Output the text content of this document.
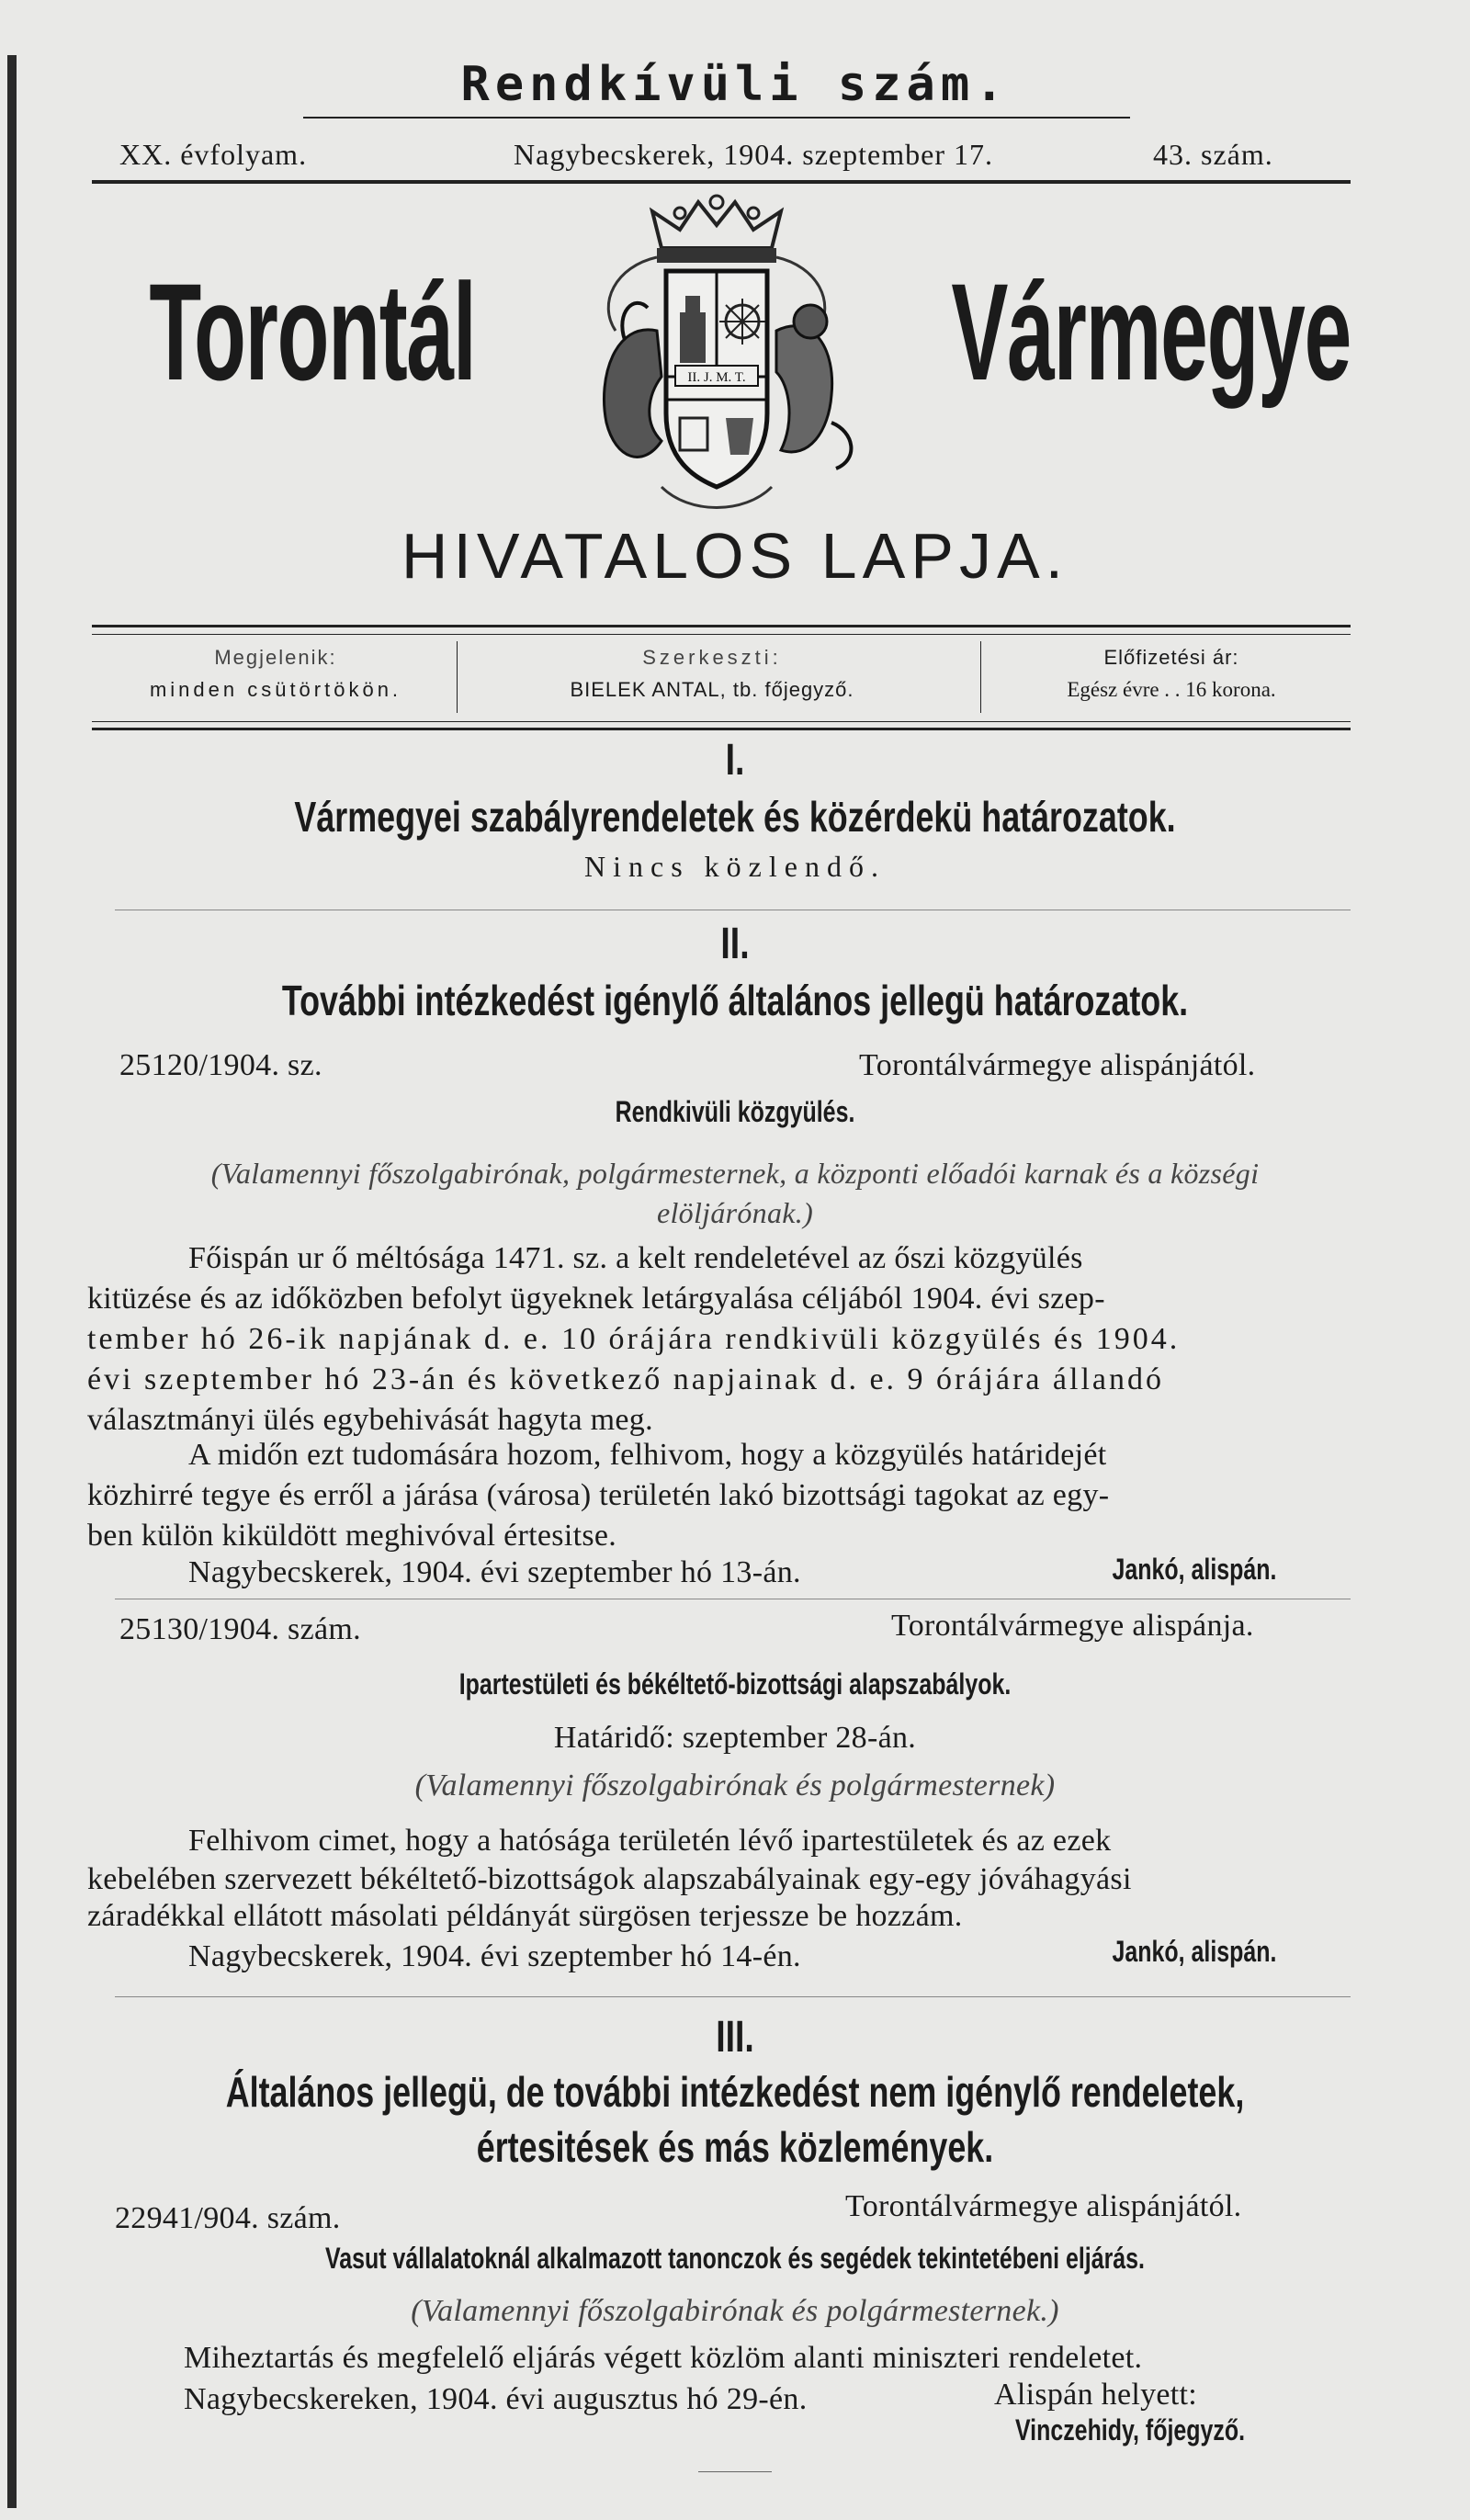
Rendkívüli szám.
XX. évfolyam.	Nagybecskerek, 1904. szeptember 17.	43. szám.
Torontál	Vármegye
II. J. M. T.
HIVATALOS LAPJA.
Megjelenik:
minden csütörtökön.
Szerkeszti:
BIELEK ANTAL, tb. főjegyző.
Előfizetési ár:
Egész évre . . 16 korona.
I.
Vármegyei szabályrendeletek és közérdekü határozatok.
Nincs közlendő.
II.
További intézkedést igénylő általános jellegü határozatok.
25120/1904. sz.	Torontálvármegye alispánjától.
Rendkivüli közgyülés.
(Valamennyi főszolgabirónak, polgármesternek, a központi előadói karnak és a községi
elöljárónak.)
Főispán ur ő méltósága 1471. sz. a kelt rendeletével az őszi közgyülés
kitüzése és az időközben befolyt ügyeknek letárgyalása céljából 1904. évi szep-
tember hó 26-ik napjának d. e. 10 órájára rendkivüli közgyülés és 1904.
évi szeptember hó 23-án és következő napjainak d. e. 9 órájára állandó
választmányi ülés egybehivását hagyta meg.
A midőn ezt tudomására hozom, felhivom, hogy a közgyülés határidejét
közhirré tegye és erről a járása (városa) területén lakó bizottsági tagokat az egy-
ben külön kiküldött meghivóval értesitse.
Nagybecskerek, 1904. évi szeptember hó 13-án.	Jankó, alispán.
25130/1904. szám.	Torontálvármegye alispánja.
Ipartestületi és békéltető-bizottsági alapszabályok.
Határidő: szeptember 28-án.
(Valamennyi főszolgabirónak és polgármesternek)
Felhivom cimet, hogy a hatósága területén lévő ipartestületek és az ezek
kebelében szervezett békéltető-bizottságok alapszabályainak egy-egy jóváhagyási
záradékkal ellátott másolati példányát sürgösen terjessze be hozzám.
Nagybecskerek, 1904. évi szeptember hó 14-én.	Jankó, alispán.
III.
Általános jellegü, de további intézkedést nem igénylő rendeletek,
értesitések és más közlemények.
22941/904. szám.	Torontálvármegye alispánjától.
Vasut vállalatoknál alkalmazott tanonczok és segédek tekintetébeni eljárás.
(Valamennyi főszolgabirónak és polgármesternek.)
Miheztartás és megfelelő eljárás végett közlöm alanti miniszteri rendeletet.
Nagybecskereken, 1904. évi augusztus hó 29-én.	Alispán helyett:
Vinczehidy, főjegyző.
